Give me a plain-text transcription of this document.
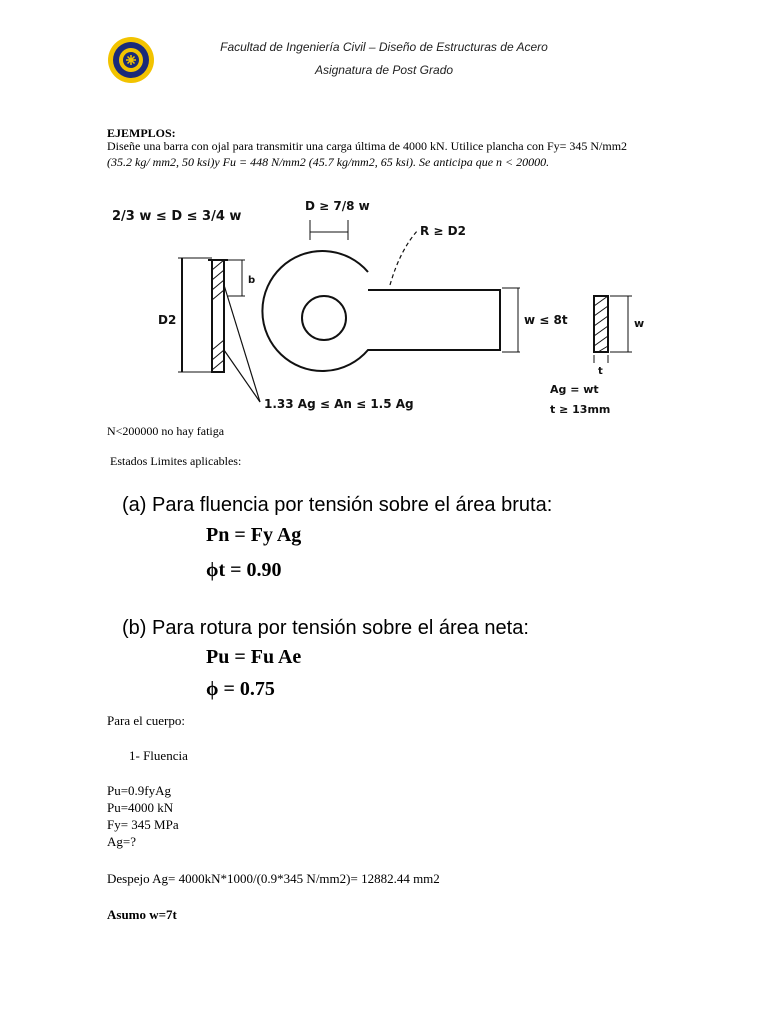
Facultad de Ingeniería Civil – Diseño de Estructuras de Acero
Asignatura de Post Grado
EJEMPLOS:
Diseñe una barra con ojal para transmitir una carga última de 4000 kN. Utilice plancha con Fy= 345 N/mm2
(35.2 kg/ mm2, 50 ksi)y Fu = 448 N/mm2 (45.7 kg/mm2, 65 ksi). Se anticipa que n < 20000.
2/3 w ≤ D ≤ 3/4 w
D ≥ 7/8 w
R ≥ D2
b
D2	w ≤ 8t	w
t
1.33 Ag ≤ An ≤ 1.5 Ag
Ag = wt
t ≥ 13mm
N<200000 no hay fatiga
Estados Limites aplicables:
(a) Para fluencia por tensión sobre el área bruta:
Pn = Fy Ag
ϕt = 0.90
(b) Para rotura por tensión sobre el área neta:
Pu = Fu Ae
ϕ = 0.75
Para el cuerpo:
1- Fluencia
Pu=0.9fyAg
Pu=4000 kN
Fy= 345 MPa
Ag=?
Despejo Ag= 4000kN*1000/(0.9*345 N/mm2)= 12882.44 mm2
Asumo w=7t
